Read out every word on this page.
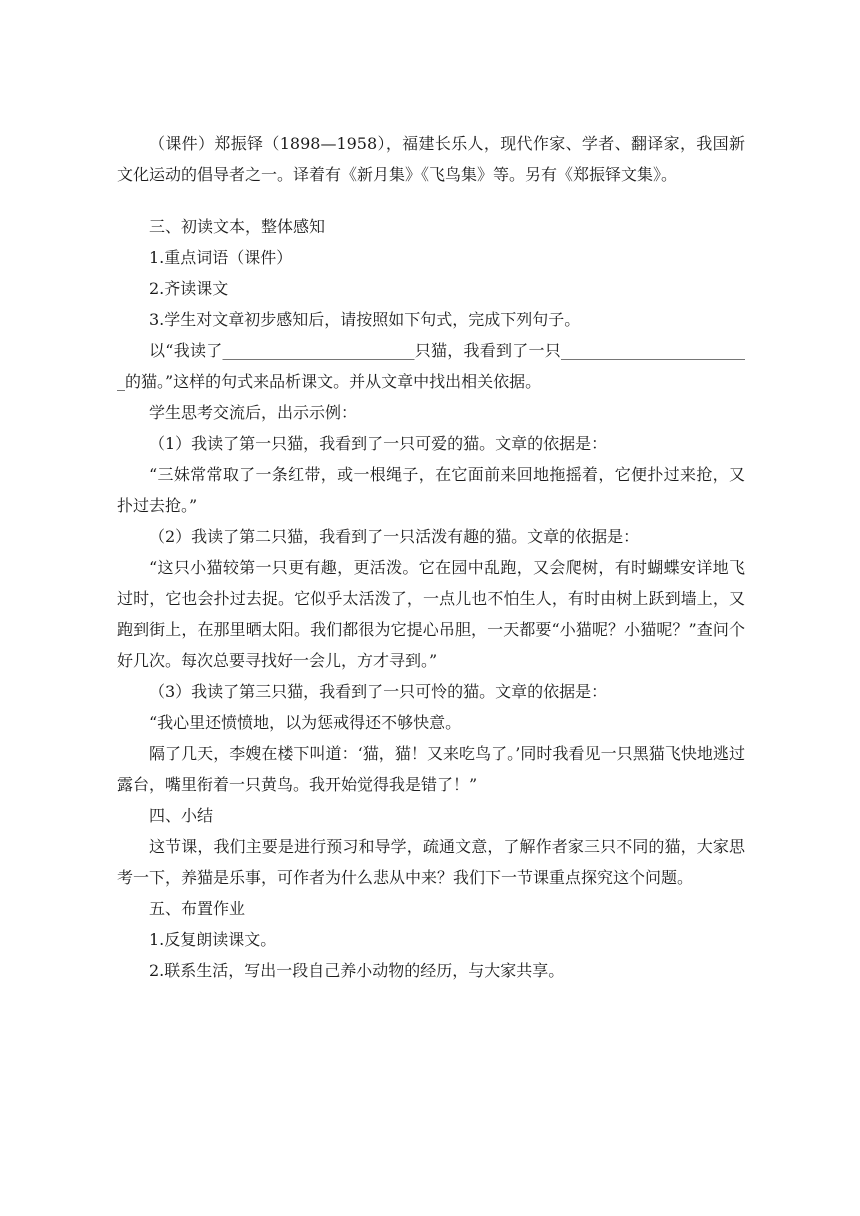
（课件）郑振铎（1898—1958），福建长乐人，现代作家、学者、翻译家，我国新文化运动的倡导者之一。译着有《新月集》《飞鸟集》等。另有《郑振铎文集》。

三、初读文本，整体感知

1.重点词语（课件）

2.齐读课文

3.学生对文章初步感知后，请按照如下句式，完成下列句子。

以“我读了________________________只猫，我看到了一只________________________的猫。”这样的句式来品析课文。并从文章中找出相关依据。

学生思考交流后，出示示例：

（1）我读了第一只猫，我看到了一只可爱的猫。文章的依据是：

“三妹常常取了一条红带，或一根绳子，在它面前来回地拖摇着，它便扑过来抢，又扑过去抢。”

（2）我读了第二只猫，我看到了一只活泼有趣的猫。文章的依据是：

“这只小猫较第一只更有趣，更活泼。它在园中乱跑，又会爬树，有时蝴蝶安详地飞过时，它也会扑过去捉。它似乎太活泼了，一点儿也不怕生人，有时由树上跃到墙上，又跑到街上，在那里晒太阳。我们都很为它提心吊胆，一天都要“小猫呢？小猫呢？”查问个好几次。每次总要寻找好一会儿，方才寻到。”

（3）我读了第三只猫，我看到了一只可怜的猫。文章的依据是：

“我心里还愤愤地，以为惩戒得还不够快意。

隔了几天，李嫂在楼下叫道：‘猫，猫！又来吃鸟了。’同时我看见一只黑猫飞快地逃过露台，嘴里衔着一只黄鸟。我开始觉得我是错了！”

四、小结

这节课，我们主要是进行预习和导学，疏通文意，了解作者家三只不同的猫，大家思考一下，养猫是乐事，可作者为什么悲从中来？我们下一节课重点探究这个问题。

五、布置作业

1.反复朗读课文。

2.联系生活，写出一段自己养小动物的经历，与大家共享。
